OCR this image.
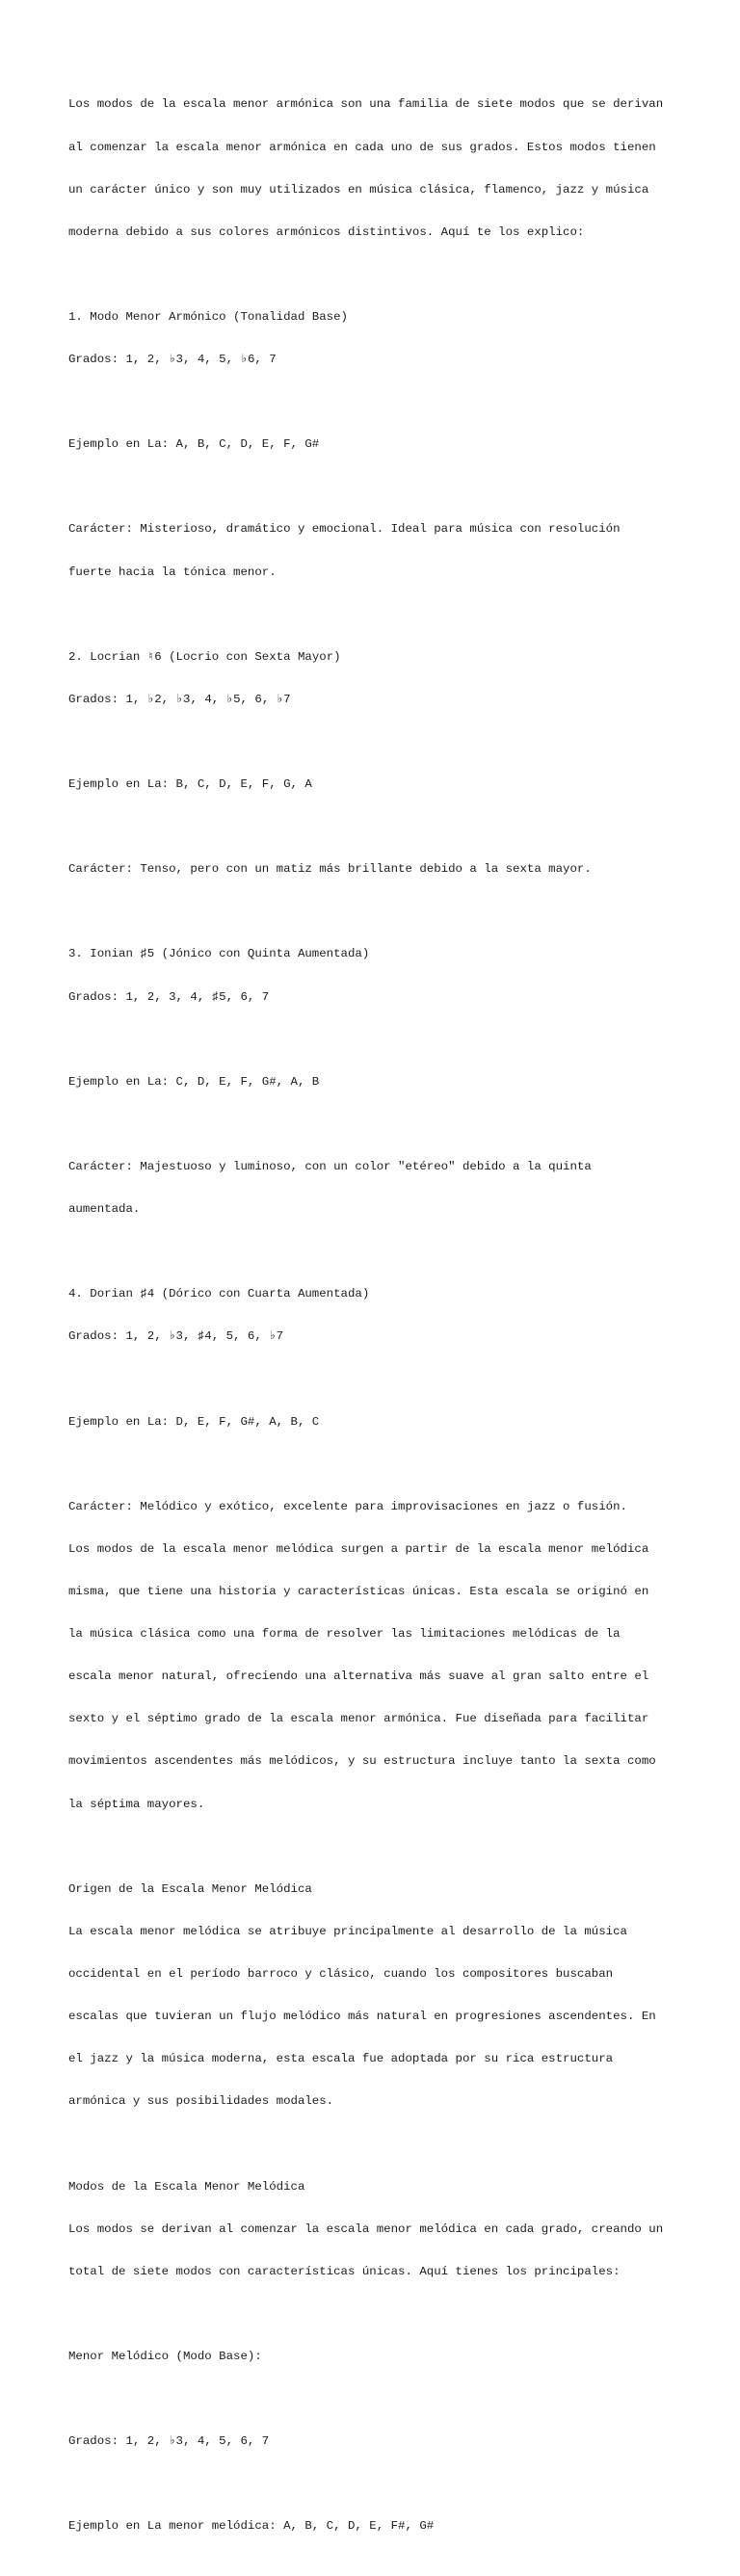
Los modos de la escala menor armónica son una familia de siete modos que se derivan

al comenzar la escala menor armónica en cada uno de sus grados. Estos modos tienen

un carácter único y son muy utilizados en música clásica, flamenco, jazz y música

moderna debido a sus colores armónicos distintivos. Aquí te los explico:

1. Modo Menor Armónico (Tonalidad Base)

Grados: 1, 2, ♭3, 4, 5, ♭6, 7

Ejemplo en La: A, B, C, D, E, F, G#

Carácter: Misterioso, dramático y emocional. Ideal para música con resolución

fuerte hacia la tónica menor.

2. Locrian ♮6 (Locrio con Sexta Mayor)

Grados: 1, ♭2, ♭3, 4, ♭5, 6, ♭7

Ejemplo en La: B, C, D, E, F, G, A

Carácter: Tenso, pero con un matiz más brillante debido a la sexta mayor.

3. Ionian ♯5 (Jónico con Quinta Aumentada)

Grados: 1, 2, 3, 4, ♯5, 6, 7

Ejemplo en La: C, D, E, F, G#, A, B

Carácter: Majestuoso y luminoso, con un color "etéreo" debido a la quinta

aumentada.

4. Dorian ♯4 (Dórico con Cuarta Aumentada)

Grados: 1, 2, ♭3, ♯4, 5, 6, ♭7

Ejemplo en La: D, E, F, G#, A, B, C

Carácter: Melódico y exótico, excelente para improvisaciones en jazz o fusión.

Los modos de la escala menor melódica surgen a partir de la escala menor melódica

misma, que tiene una historia y características únicas. Esta escala se originó en

la música clásica como una forma de resolver las limitaciones melódicas de la

escala menor natural, ofreciendo una alternativa más suave al gran salto entre el

sexto y el séptimo grado de la escala menor armónica. Fue diseñada para facilitar

movimientos ascendentes más melódicos, y su estructura incluye tanto la sexta como

la séptima mayores.

Origen de la Escala Menor Melódica

La escala menor melódica se atribuye principalmente al desarrollo de la música

occidental en el período barroco y clásico, cuando los compositores buscaban

escalas que tuvieran un flujo melódico más natural en progresiones ascendentes. En

el jazz y la música moderna, esta escala fue adoptada por su rica estructura

armónica y sus posibilidades modales.

Modos de la Escala Menor Melódica

Los modos se derivan al comenzar la escala menor melódica en cada grado, creando un

total de siete modos con características únicas. Aquí tienes los principales:

Menor Melódico (Modo Base):

Grados: 1, 2, ♭3, 4, 5, 6, 7

Ejemplo en La menor melódica: A, B, C, D, E, F#, G#
